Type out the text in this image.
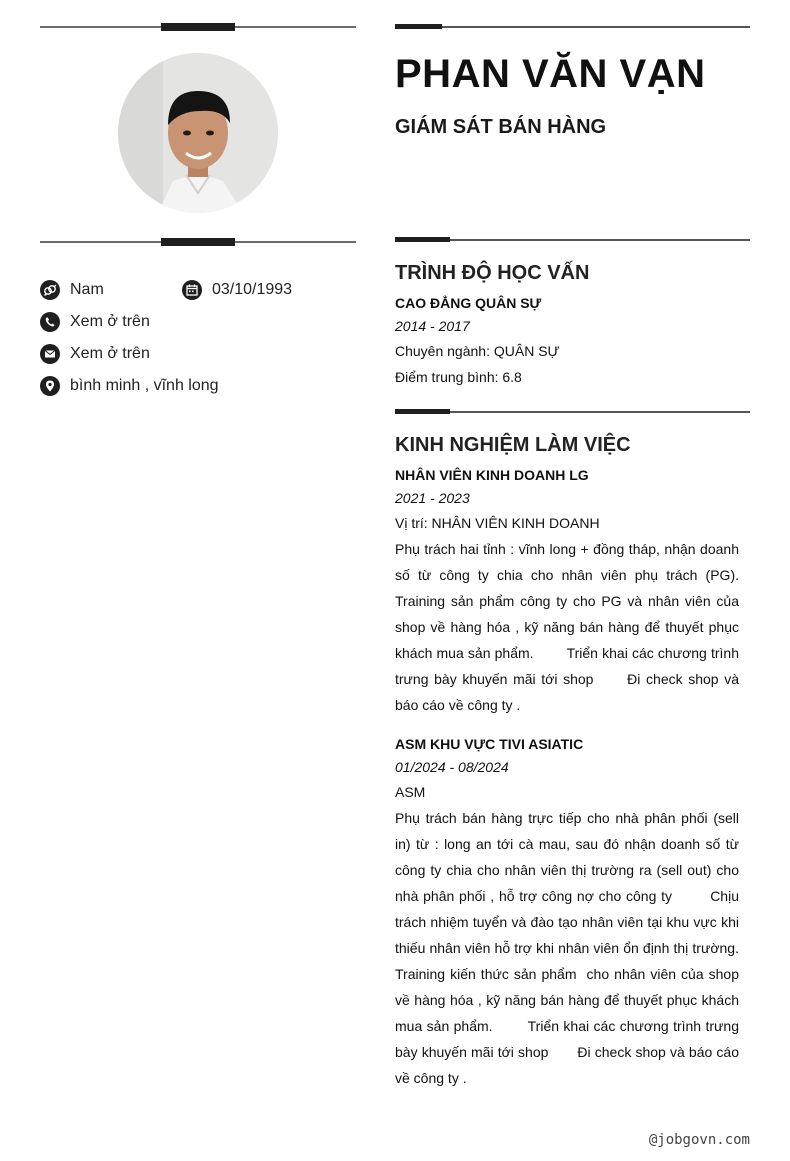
Nam	03/10/1993
Xem ở trên
Xem ở trên
bình minh , vĩnh long
PHAN VĂN VẠN
GIÁM SÁT BÁN HÀNG
TRÌNH ĐỘ HỌC VẤN

CAO ĐẲNG QUÂN SỰ

2014 - 2017

Chuyên ngành: QUÂN SỰ

Điểm trung bình: 6.8

KINH NGHIỆM LÀM VIỆC

NHÂN VIÊN KINH DOANH LG

2021 - 2023

Vị trí: NHÂN VIÊN KINH DOANH

Phụ trách hai tỉnh : vĩnh long + đồng tháp, nhận doanh số từ công ty chia cho nhân viên phụ trách (PG).   Training sản phẩm công ty cho PG và nhân viên của shop về hàng hóa , kỹ năng bán hàng để thuyết phục khách mua sản phẩm.        Triển khai các chương trình trưng bày khuyến mãi tới shop      Đi check shop và báo cáo về công ty .

ASM KHU VỰC TIVI ASIATIC

01/2024 - 08/2024

ASM

Phụ trách bán hàng trực tiếp cho nhà phân phối (sell in) từ : long an tới cà mau, sau đó nhận doanh số từ công ty chia cho nhân viên thị trường ra (sell out) cho nhà phân phối , hỗ trợ công nợ cho công ty        Chịu trách nhiệm tuyển và đào tạo nhân viên tại khu vực khi thiếu nhân viên hỗ trợ khi nhân viên ổn định thị trường.   Training kiến thức sản phẩm  cho nhân viên của shop về hàng hóa , kỹ năng bán hàng để thuyết phục khách mua sản phẩm.        Triển khai các chương trình trưng bày khuyến mãi tới shop       Đi check shop và báo cáo về công ty .

@jobgovn.com
